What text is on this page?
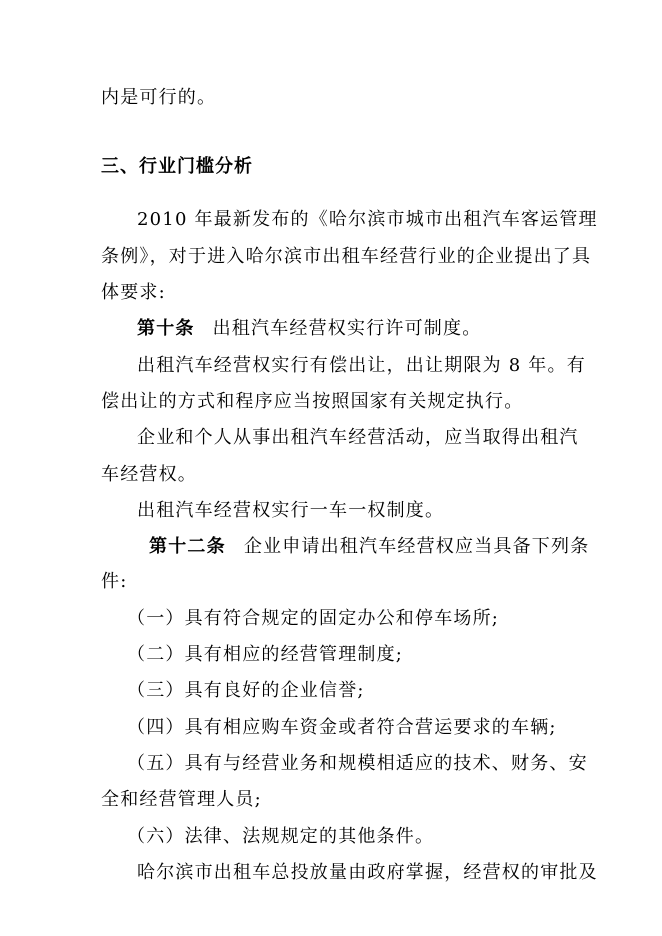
内是可行的。
三、行业门槛分析
2010 年最新发布的《哈尔滨市城市出租汽车客运管理
条例》，对于进入哈尔滨市出租车经营行业的企业提出了具
体要求:
第十条 出租汽车经营权实行许可制度。
出租汽车经营权实行有偿出让，出让期限为 8 年。有
偿出让的方式和程序应当按照国家有关规定执行。
企业和个人从事出租汽车经营活动，应当取得出租汽
车经营权。
出租汽车经营权实行一车一权制度。
第十二条 企业申请出租汽车经营权应当具备下列条
件:
（一）具有符合规定的固定办公和停车场所;
（二）具有相应的经营管理制度;
（三）具有良好的企业信誉;
（四）具有相应购车资金或者符合营运要求的车辆;
（五）具有与经营业务和规模相适应的技术、财务、安
全和经营管理人员;
（六）法律、法规规定的其他条件。
哈尔滨市出租车总投放量由政府掌握，经营权的审批及
